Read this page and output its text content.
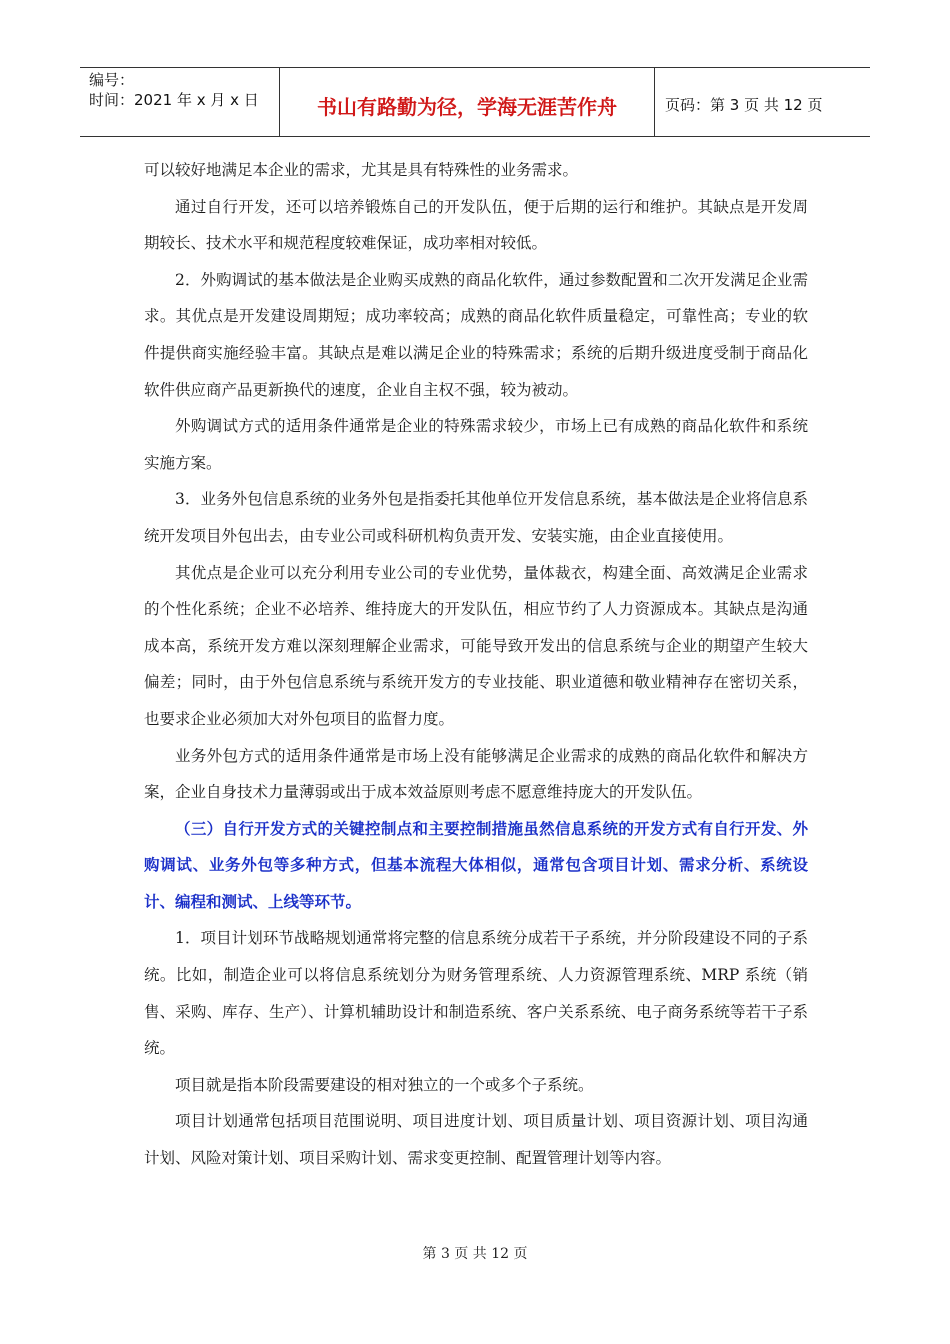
编号：
时间：2021 年 x 月 x 日	书山有路勤为径，学海无涯苦作舟	页码：第 3 页 共 12 页

可以较好地满足本企业的需求，尤其是具有特殊性的业务需求。

通过自行开发，还可以培养锻炼自己的开发队伍，便于后期的运行和维护。其缺点是开发周期较长、技术水平和规范程度较难保证，成功率相对较低。

2．外购调试的基本做法是企业购买成熟的商品化软件，通过参数配置和二次开发满足企业需求。其优点是开发建设周期短；成功率较高；成熟的商品化软件质量稳定，可靠性高；专业的软件提供商实施经验丰富。其缺点是难以满足企业的特殊需求；系统的后期升级进度受制于商品化软件供应商产品更新换代的速度，企业自主权不强，较为被动。

外购调试方式的适用条件通常是企业的特殊需求较少，市场上已有成熟的商品化软件和系统实施方案。

3．业务外包信息系统的业务外包是指委托其他单位开发信息系统，基本做法是企业将信息系统开发项目外包出去，由专业公司或科研机构负责开发、安装实施，由企业直接使用。

其优点是企业可以充分利用专业公司的专业优势，量体裁衣，构建全面、高效满足企业需求的个性化系统；企业不必培养、维持庞大的开发队伍，相应节约了人力资源成本。其缺点是沟通成本高，系统开发方难以深刻理解企业需求，可能导致开发出的信息系统与企业的期望产生较大偏差；同时，由于外包信息系统与系统开发方的专业技能、职业道德和敬业精神存在密切关系，也要求企业必须加大对外包项目的监督力度。

业务外包方式的适用条件通常是市场上没有能够满足企业需求的成熟的商品化软件和解决方案，企业自身技术力量薄弱或出于成本效益原则考虑不愿意维持庞大的开发队伍。

（三）自行开发方式的关键控制点和主要控制措施虽然信息系统的开发方式有自行开发、外购调试、业务外包等多种方式，但基本流程大体相似，通常包含项目计划、需求分析、系统设计、编程和测试、上线等环节。

1．项目计划环节战略规划通常将完整的信息系统分成若干子系统，并分阶段建设不同的子系统。比如，制造企业可以将信息系统划分为财务管理系统、人力资源管理系统、MRP 系统（销售、采购、库存、生产）、计算机辅助设计和制造系统、客户关系系统、电子商务系统等若干子系统。

项目就是指本阶段需要建设的相对独立的一个或多个子系统。

项目计划通常包括项目范围说明、项目进度计划、项目质量计划、项目资源计划、项目沟通计划、风险对策计划、项目采购计划、需求变更控制、配置管理计划等内容。

第 3 页 共 12 页
